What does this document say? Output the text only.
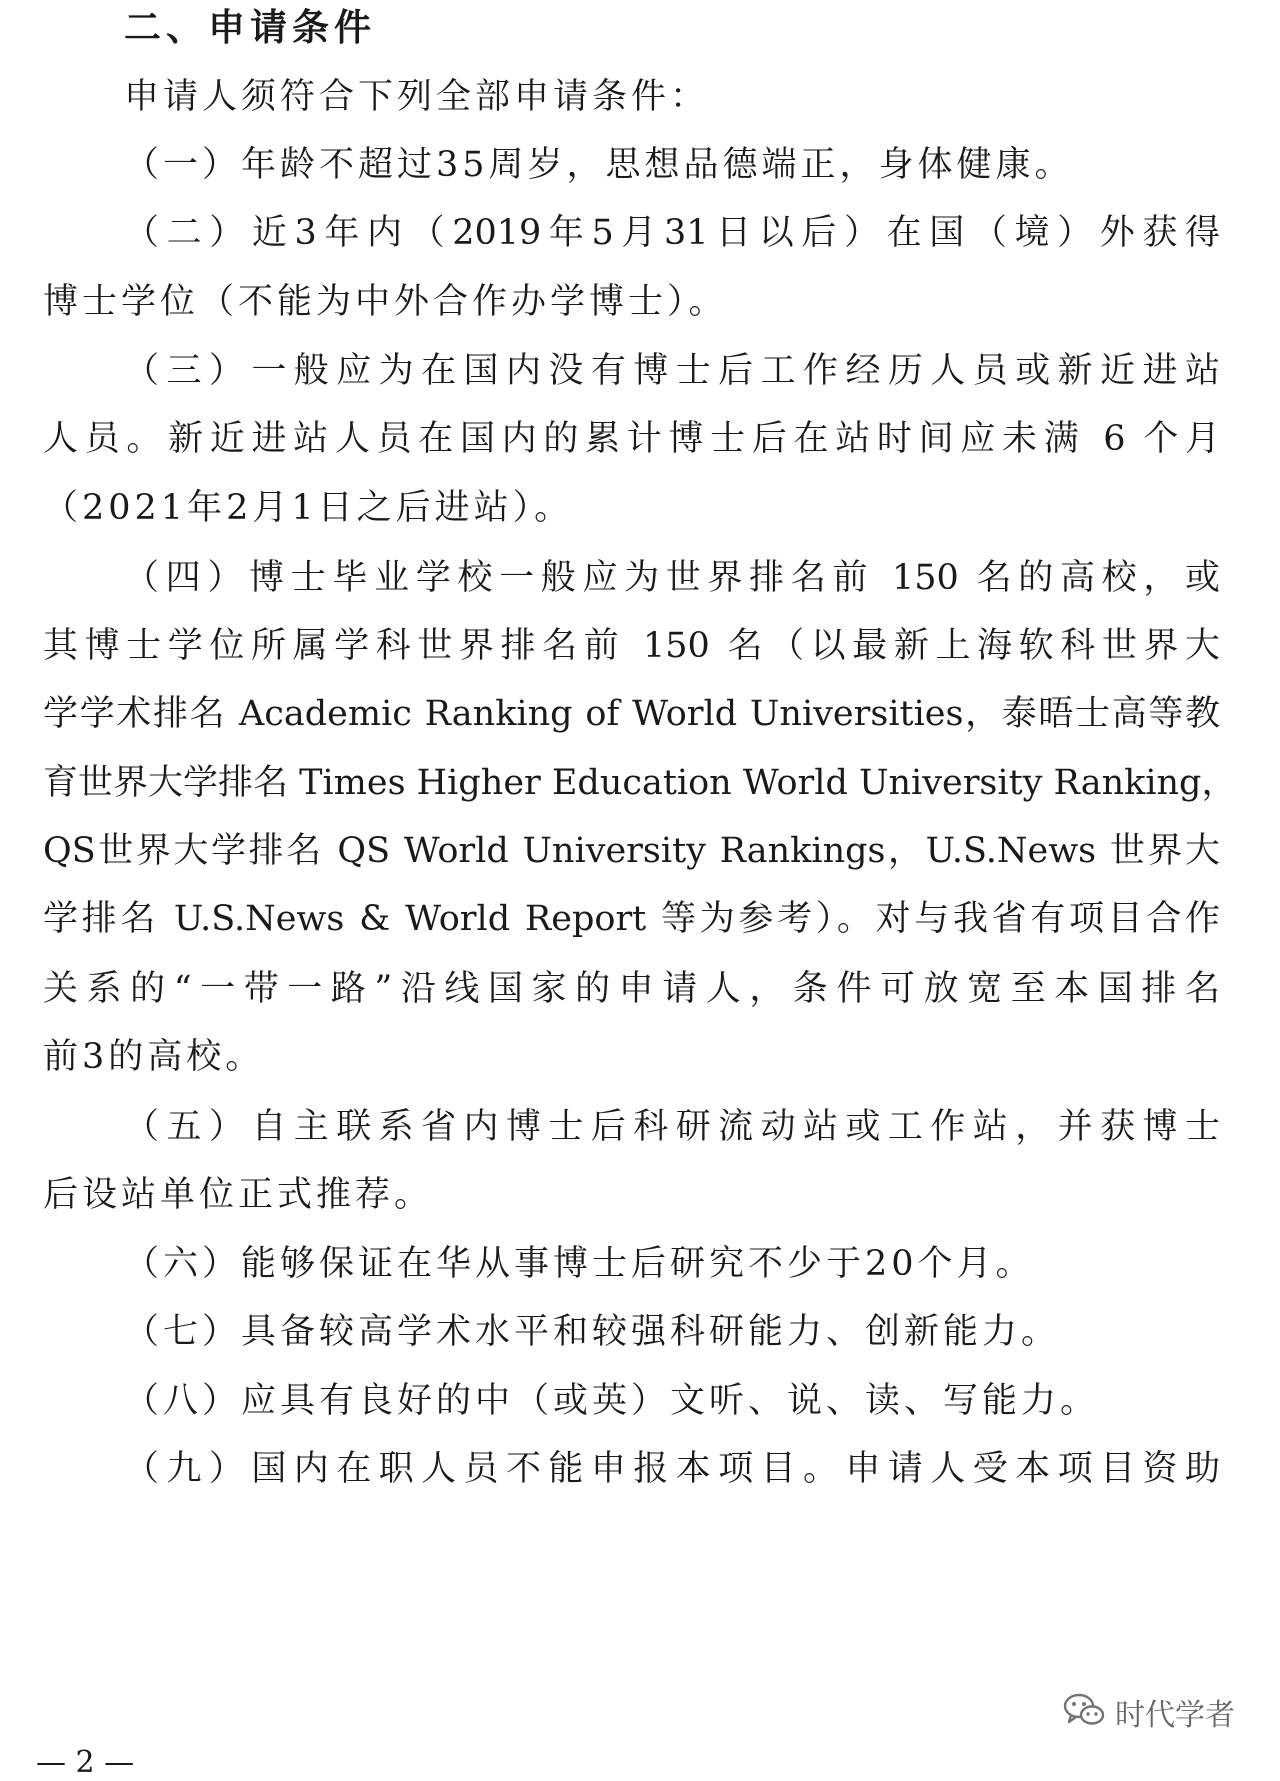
二、申请条件
申请人须符合下列全部申请条件：
（一）年龄不超过35周岁，思想品德端正，身体健康。
（二）近3年内（2019年5月31日以后）在国（境）外获得
博士学位（不能为中外合作办学博士）。
（三）一般应为在国内没有博士后工作经历人员或新近进站
人员。新近进站人员在国内的累计博士后在站时间应未满 6 个月
（2021年2月1日之后进站）。
（四）博士毕业学校一般应为世界排名前 150 名的高校，或
其博士学位所属学科世界排名前 150 名（以最新上海软科世界大
学学术排名 Academic Ranking of World Universities，泰晤士高等教
育世界大学排名 Times Higher Education World University Ranking，
QS世界大学排名 QS World University Rankings，U.S.News 世界大
学排名 U.S.News & World Report 等为参考）。对与我省有项目合作
关系的“一带一路”沿线国家的申请人，条件可放宽至本国排名
前3的高校。
（五）自主联系省内博士后科研流动站或工作站，并获博士
后设站单位正式推荐。
（六）能够保证在华从事博士后研究不少于20个月。
（七）具备较高学术水平和较强科研能力、创新能力。
（八）应具有良好的中（或英）文听、说、读、写能力。
（九）国内在职人员不能申报本项目。申请人受本项目资助
时代学者
— 2 —
